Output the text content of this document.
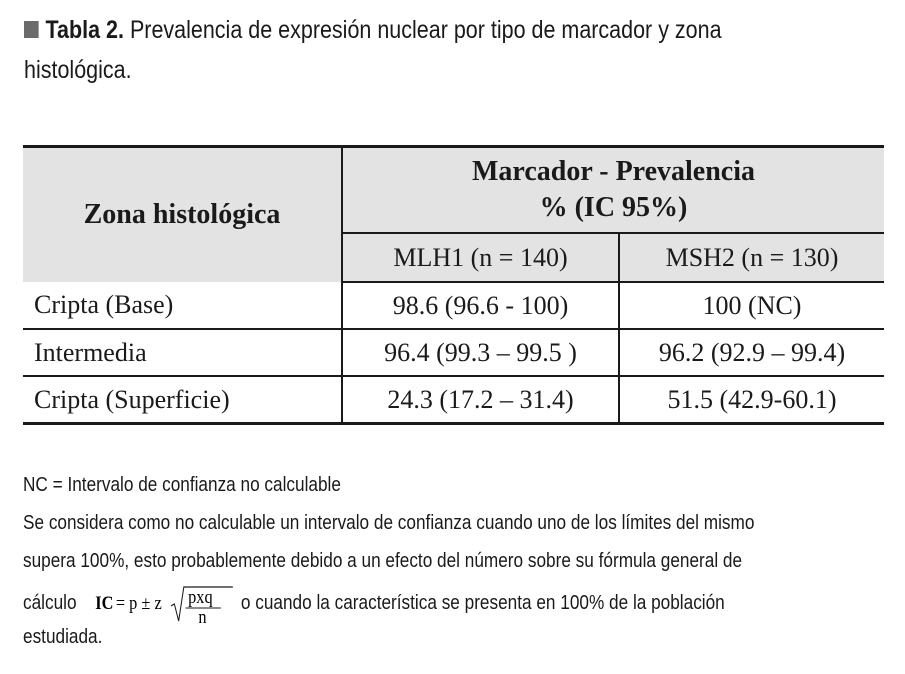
Tabla 2. Prevalencia de expresión nuclear por tipo de marcador y zona
histológica.
Zona histológica	Marcador - Prevalencia
% (IC 95%)	

	MLH1 (n = 140)	MSH2 (n = 130)
Cripta (Base)	98.6 (96.6 - 100)	100 (NC)
Intermedia	96.4 (99.3 – 99.5 )	96.2 (92.9 – 99.4)
Cripta (Superficie)	24.3 (17.2 – 31.4)	51.5 (42.9-60.1)
NC = Intervalo de confianza no calculable
Se considera como no calculable un intervalo de confianza cuando uno de los límites del mismo
supera 100%, esto probablemente debido a un efecto del número sobre su fórmula general de
cálculo IC = p ± z pxq
n
o cuando la característica se presenta en 100% de la población
estudiada.
